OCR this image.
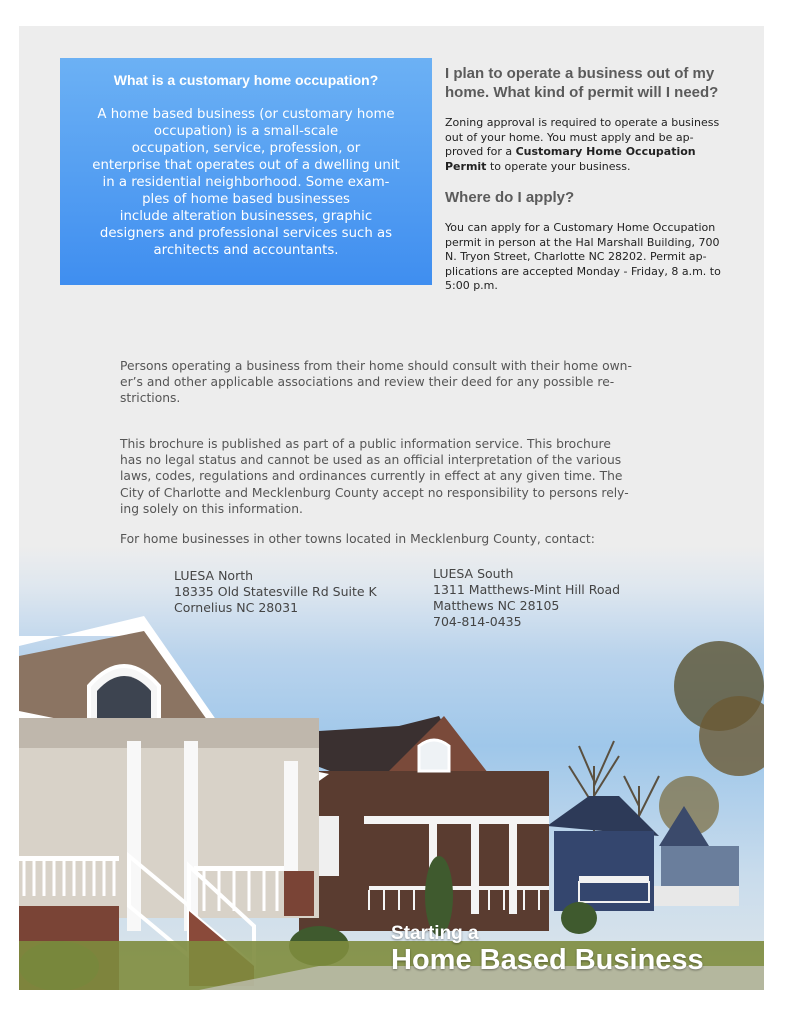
What is a customary home occupation?

A home based business (or customary home
occupation) is a small-scale
occupation, service, profession, or
enterprise that operates out of a dwelling unit
in a residential neighborhood. Some exam-
ples of home based businesses
include alteration businesses, graphic
designers and professional services such as
architects and accountants.

I plan to operate a business out of my
home. What kind of permit will I need?

Zoning approval is required to operate a business
out of your home. You must apply and be ap-
proved for a Customary Home Occupation
Permit to operate your business.

Where do I apply?

You can apply for a Customary Home Occupation
permit in person at the Hal Marshall Building, 700
N. Tryon Street, Charlotte NC 28202. Permit ap-
plications are accepted Monday - Friday, 8 a.m. to
5:00 p.m.

Persons operating a business from their home should consult with their home own-
er’s and other applicable associations and review their deed for any possible re-
strictions.

This brochure is published as part of a public information service. This brochure
has no legal status and cannot be used as an official interpretation of the various
laws, codes, regulations and ordinances currently in effect at any given time. The
City of Charlotte and Mecklenburg County accept no responsibility to persons rely-
ing solely on this information.

For home businesses in other towns located in Mecklenburg County, contact:

LUESA North
18335 Old Statesville Rd Suite K
Cornelius NC 28031
LUESA South
1311 Matthews-Mint Hill Road
Matthews NC 28105
704-814-0435
Starting a
Home Based Business
